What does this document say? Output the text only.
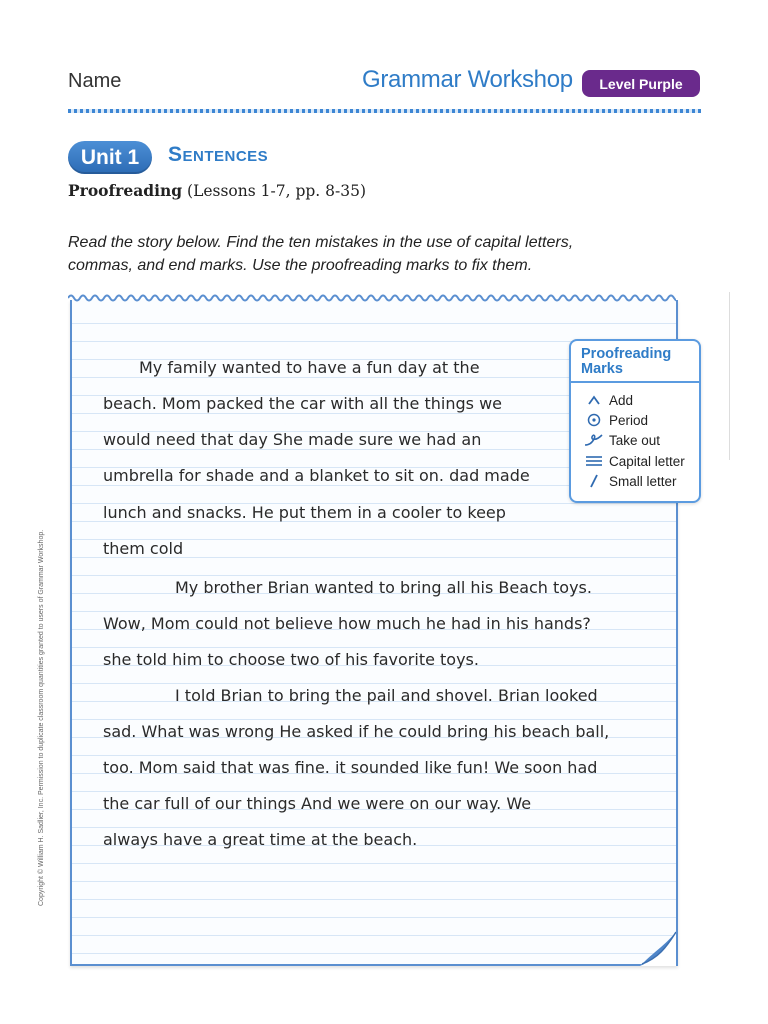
Name	Grammar Workshop	Level Purple
Unit 1	Sentences
Proofreading (Lessons 1-7, pp. 8-35)
Read the story below. Find the ten mistakes in the use of capital letters, commas, and end marks. Use the proofreading marks to fix them.
My family wanted to have a fun day at the
beach. Mom packed the car with all the things we
would need that day She made sure we had an
umbrella for shade and a blanket to sit on. dad made
lunch and snacks. He put them in a cooler to keep
them cold
My brother Brian wanted to bring all his Beach toys.
Wow, Mom could not believe how much he had in his hands?
she told him to choose two of his favorite toys.
I told Brian to bring the pail and shovel. Brian looked
sad. What was wrong He asked if he could bring his beach ball,
too. Mom said that was fine. it sounded like fun! We soon had
the car full of our things And we were on our way. We
always have a great time at the beach.
Proofreading
Marks
Add
Period
Take out
Capital letter
Small letter
Copyright © William H. Sadlier, Inc. Permission to duplicate classroom quantities granted to users of Grammar Workshop.
